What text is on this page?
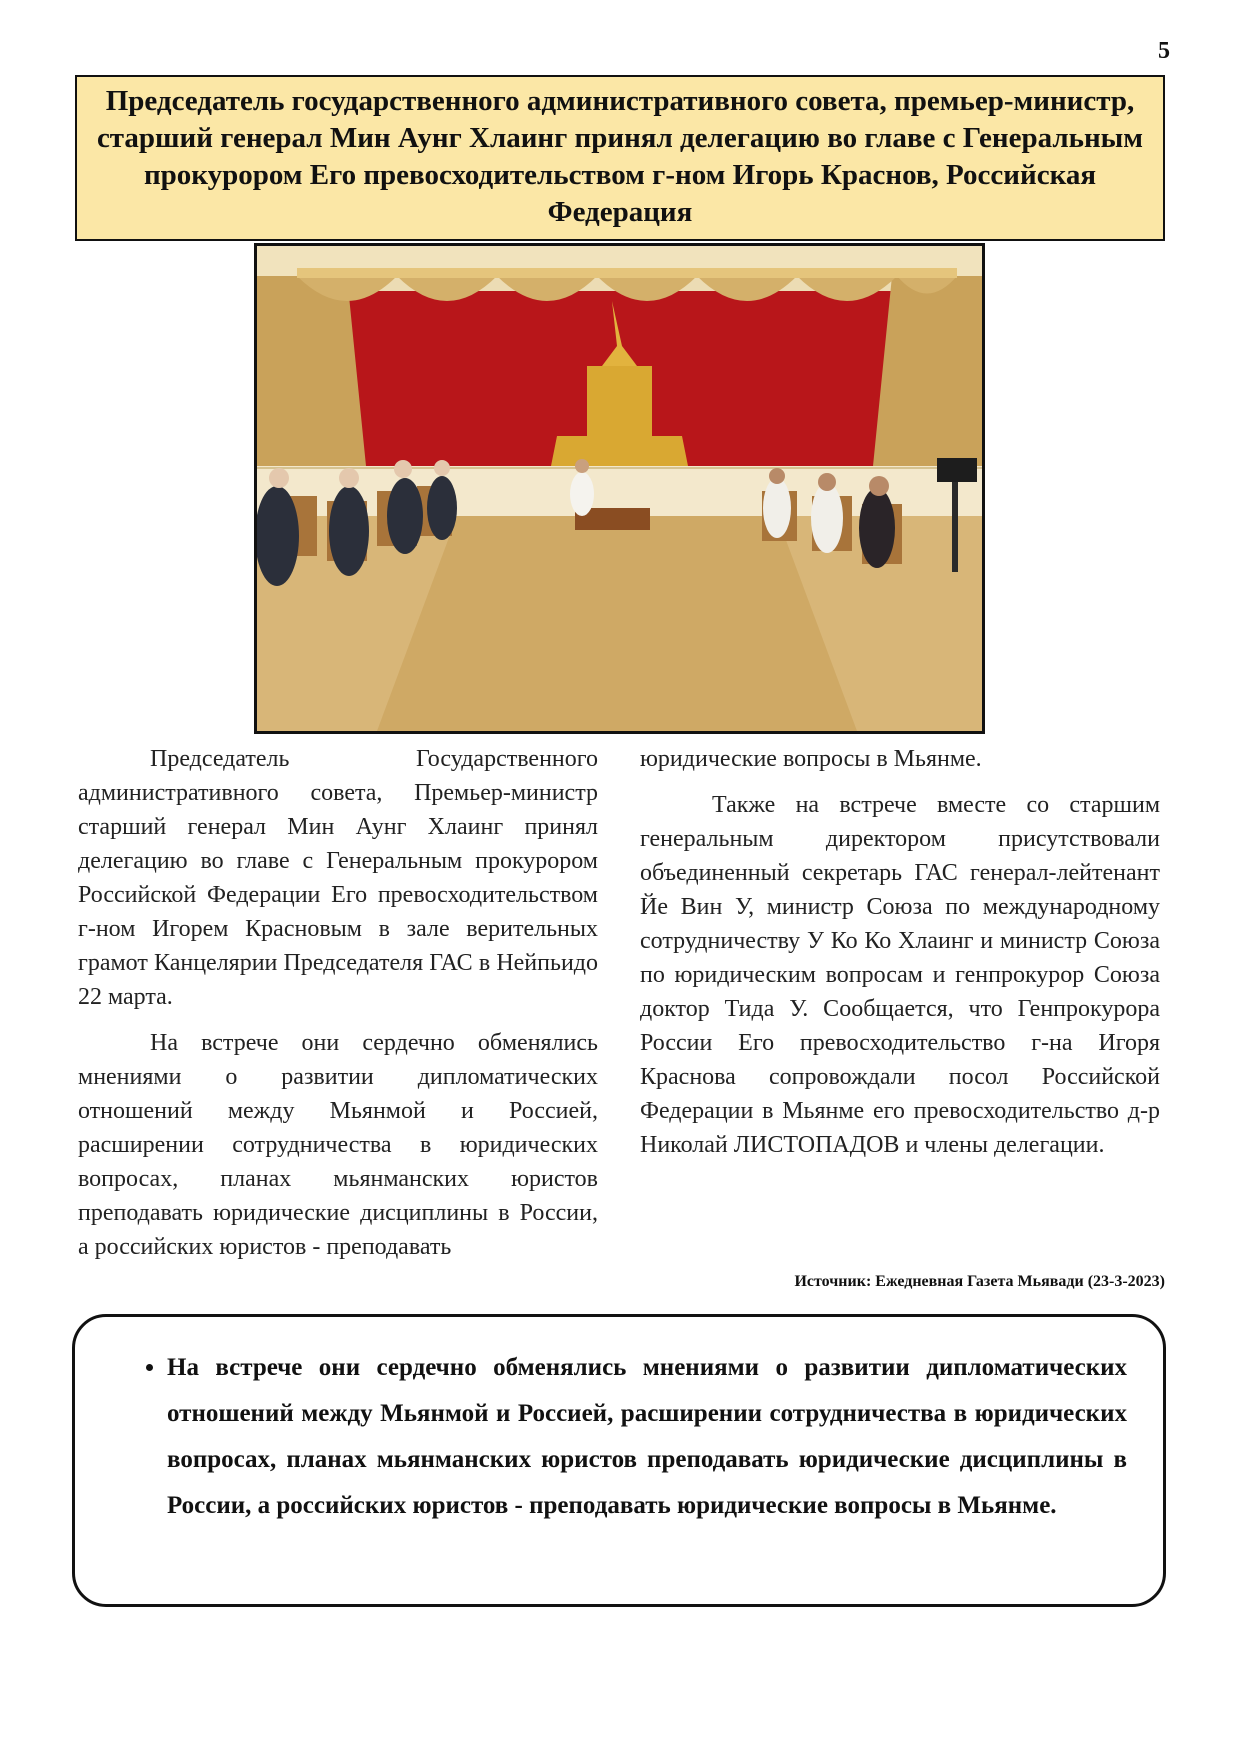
5
Председатель государственного административного совета, премьер-министр, старший генерал Мин Аунг Хлаинг принял делегацию во главе с Генеральным прокурором Его превосходительством г-ном Игорь Краснов, Российская Федерация

Председатель Государственного административного совета, Премьер-министр старший генерал Мин Аунг Хлаинг принял делегацию во главе с Генеральным прокурором Российской Федерации Его превосходительством г-ном Игорем Красновым в зале верительных грамот Канцелярии Председателя ГАС в Нейпьидо 22 марта.

На встрече они сердечно обменялись мнениями о развитии дипломатических отношений между Мьянмой и Россией, расширении сотрудничества в юридических вопросах, планах мьянманских юристов преподавать юридические дисциплины в России, а российских юристов - преподавать

юридические вопросы в Мьянме.

Также на встрече вместе со старшим генеральным директором присутствовали объединенный секретарь ГАС генерал-лейтенант Йе Вин У, министр Союза по международному сотрудничеству У Ко Ко Хлаинг и министр Союза по юридическим вопросам и генпрокурор Союза доктор Тида У. Сообщается, что Генпрокурора России Его превосходительство г-на Игоря Краснова сопровождали посол Российской Федерации в Мьянме его превосходительство д-р Николай ЛИСТОПАДОВ и члены делегации.

Источник: Ежедневная Газета Мьявади (23-3-2023)
• На встрече они сердечно обменялись мнениями о развитии дипломатических отношений между Мьянмой и Россией, расширении сотрудничества в юридических вопросах, планах мьянманских юристов преподавать юридические дисциплины в России, а российских юристов - преподавать юридические вопросы в Мьянме.
